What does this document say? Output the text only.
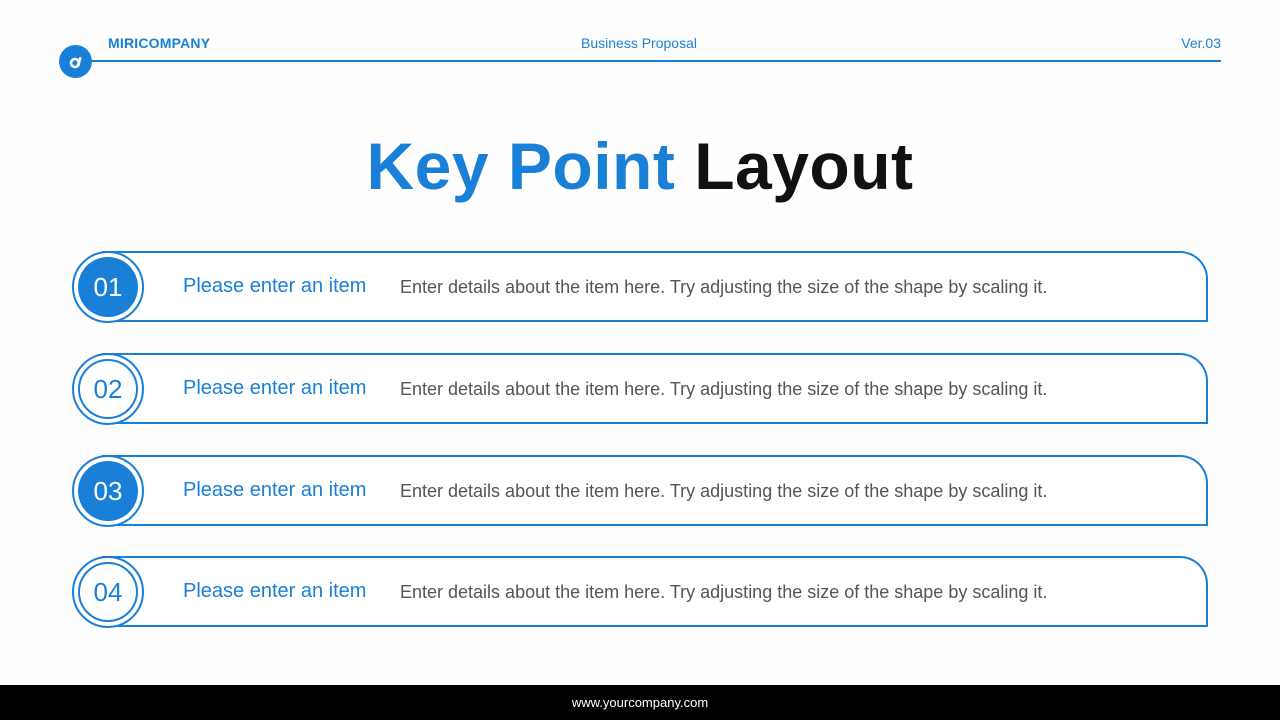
MIRICOMPANY	Business Proposal	Ver.03
Key Point Layout
01	Please enter an item Enter details about the item here. Try adjusting the size of the shape by scaling it.
02	Please enter an item Enter details about the item here. Try adjusting the size of the shape by scaling it.
03	Please enter an item Enter details about the item here. Try adjusting the size of the shape by scaling it.
04	Please enter an item Enter details about the item here. Try adjusting the size of the shape by scaling it.
www.yourcompany.com
